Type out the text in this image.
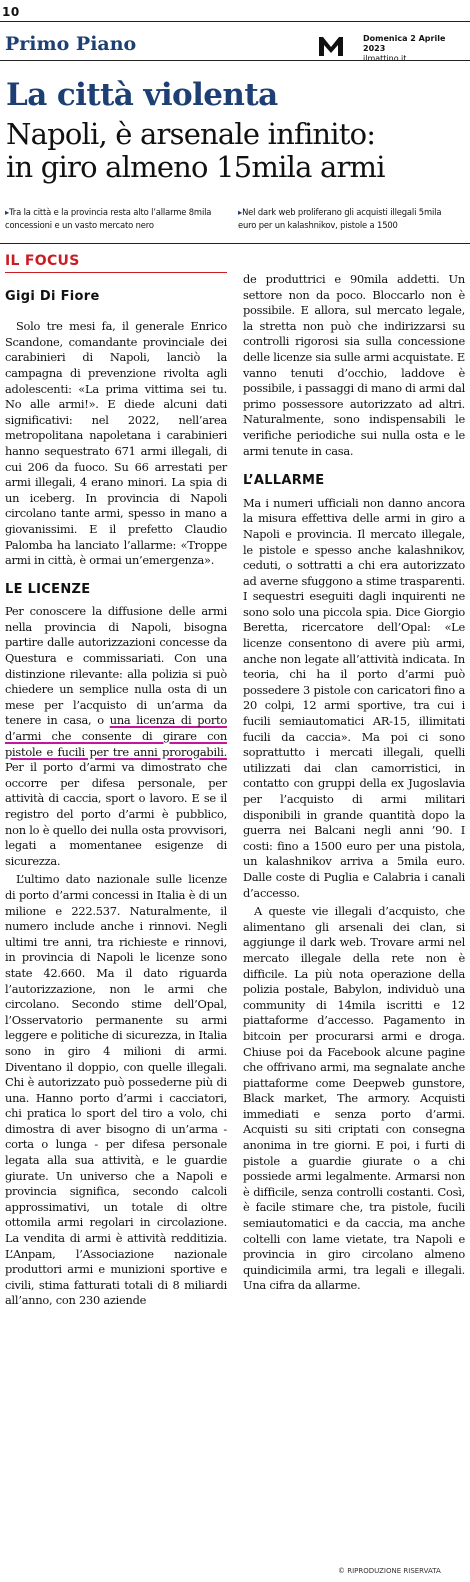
10
Primo Piano	Domenica 2 Aprile 2023
ilmattino.it
La città violenta
Napoli, è arsenale infinito:
in giro almeno 15mila armi
▸Tra la città e la provincia resta alto l’allarme 8mila concessioni e un vasto mercato nero
▸Nel dark web proliferano gli acquisti illegali 5mila euro per un kalashnikov, pistole a 1500
IL FOCUS
Gigi Di Fiore

Solo tre mesi fa, il generale Enrico Scandone, comandante provinciale dei carabinieri di Napoli, lanciò la campagna di prevenzione rivolta agli adolescenti: «La prima vittima sei tu. No alle armi!». E diede alcuni dati significativi: nel 2022, nell’area metropolitana napoletana i carabinieri hanno sequestrato 671 armi illegali, di cui 206 da fuoco. Su 66 arrestati per armi illegali, 4 erano minori. La spia di un iceberg. In provincia di Napoli circolano tante armi, spesso in mano a giovanissimi. E il prefetto Claudio Palomba ha lanciato l’allarme: «Troppe armi in città, è ormai un’emergenza».

LE LICENZE

Per conoscere la diffusione delle armi nella provincia di Napoli, bisogna partire dalle autorizzazioni concesse da Questura e commissariati. Con una distinzione rilevante: alla polizia si può chiedere un semplice nulla osta di un mese per l’acquisto di un’arma da tenere in casa, o una licenza di porto d’armi che consente di girare con pistole e fucili per tre anni prorogabili. Per il porto d’armi va dimostrato che occorre per difesa personale, per attività di caccia, sport o lavoro. E se il registro del porto d’armi è pubblico, non lo è quello dei nulla osta provvisori, legati a momentanee esigenze di sicurezza.

L’ultimo dato nazionale sulle licenze di porto d’armi concessi in Italia è di un milione e 222.537. Naturalmente, il numero include anche i rinnovi. Negli ultimi tre anni, tra richieste e rinnovi, in provincia di Napoli le licenze sono state 42.660. Ma il dato riguarda l’autorizzazione, non le armi che circolano. Secondo stime dell’Opal, l’Osservatorio permanente su armi leggere e politiche di sicurezza, in Italia sono in giro 4 milioni di armi. Diventano il doppio, con quelle illegali. Chi è autorizzato può possederne più di una. Hanno porto d’armi i cacciatori, chi pratica lo sport del tiro a volo, chi dimostra di aver bisogno di un’arma - corta o lunga - per difesa personale legata alla sua attività, e le guardie giurate. Un universo che a Napoli e provincia significa, secondo calcoli approssimativi, un totale di oltre ottomila armi regolari in circolazione. La vendita di armi è attività redditizia. L’Anpam, l’Associazione nazionale produttori armi e munizioni sportive e civili, stima fatturati totali di 8 miliardi all’anno, con 230 aziende

de produttrici e 90mila addetti. Un settore non da poco. Bloccarlo non è possibile. E allora, sul mercato legale, la stretta non può che indirizzarsi su controlli rigorosi sia sulla concessione delle licenze sia sulle armi acquistate. E vanno tenuti d’occhio, laddove è possibile, i passaggi di mano di armi dal primo possessore autorizzato ad altri. Naturalmente, sono indispensabili le verifiche periodiche sui nulla osta e le armi tenute in casa.

L’ALLARME

Ma i numeri ufficiali non danno ancora la misura effettiva delle armi in giro a Napoli e provincia. Il mercato illegale, le pistole e spesso anche kalashnikov, ceduti, o sottratti a chi era autorizzato ad averne sfuggono a stime trasparenti. I sequestri eseguiti dagli inquirenti ne sono solo una piccola spia. Dice Giorgio Beretta, ricercatore dell’Opal: «Le licenze consentono di avere più armi, anche non legate all’attività indicata. In teoria, chi ha il porto d’armi può possedere 3 pistole con caricatori fino a 20 colpi, 12 armi sportive, tra cui i fucili semiautomatici AR-15, illimitati fucili da caccia». Ma poi ci sono soprattutto i mercati illegali, quelli utilizzati dai clan camorristici, in contatto con gruppi della ex Jugoslavia per l’acquisto di armi militari disponibili in grande quantità dopo la guerra nei Balcani negli anni ’90. I costi: fino a 1500 euro per una pistola, un kalashnikov arriva a 5mila euro. Dalle coste di Puglia e Calabria i canali d’accesso.

A queste vie illegali d’acquisto, che alimentano gli arsenali dei clan, si aggiunge il dark web. Trovare armi nel mercato illegale della rete non è difficile. La più nota operazione della polizia postale, Babylon, individuò una community di 14mila iscritti e 12 piattaforme d’accesso. Pagamento in bitcoin per procurarsi armi e droga. Chiuse poi da Facebook alcune pagine che offrivano armi, ma segnalate anche piattaforme come Deepweb gunstore, Black market, The armory. Acquisti immediati e senza porto d’armi. Acquisti su siti criptati con consegna anonima in tre giorni. E poi, i furti di pistole a guardie giurate o a chi possiede armi legalmente. Armarsi non è difficile, senza controlli costanti. Così, è facile stimare che, tra pistole, fucili semiautomatici e da caccia, ma anche coltelli con lame vietate, tra Napoli e provincia in giro circolano almeno quindicimila armi, tra legali e illegali. Una cifra da allarme.

© RIPRODUZIONE RISERVATA
